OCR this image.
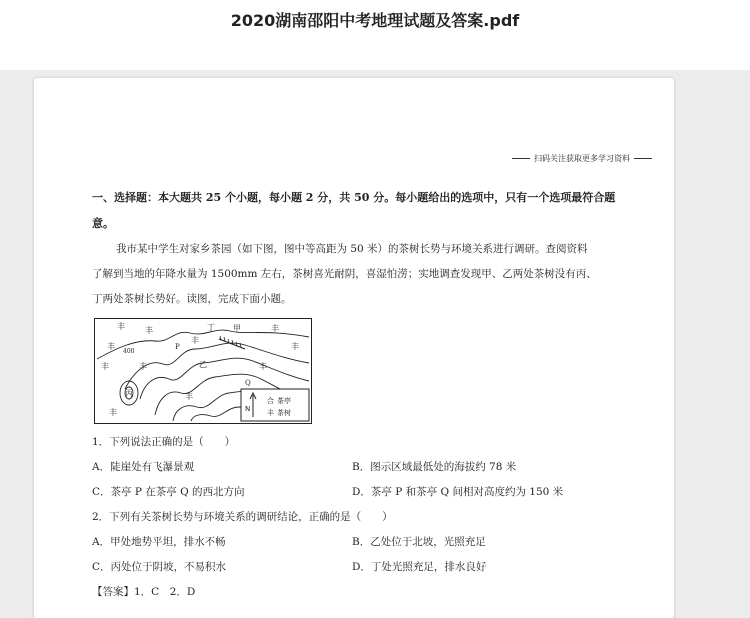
2020湖南邵阳中考地理试题及答案.pdf
扫码关注获取更多学习资料
一、选择题：本大题共 25 个小题，每小题 2 分，共 50 分。每小题给出的选项中，只有一个选项最符合题
意。
我市某中学生对家乡茶园（如下图，图中等高距为 50 米）的茶树长势与环境关系进行调研。查阅资料
了解到当地的年降水量为 1500mm 左右，茶树喜光耐阴，喜湿怕涝；实地调查发现甲、乙两处茶树没有丙、
丁两处茶树长势好。读图，完成下面小题。
丰	丰	丰
丰
丰
丰
丰
丰
丰
丰
丰
丁 甲
乙
丙
P
Q
400
N
合 茶亭
丰 茶树
1．下列说法正确的是（　　）
A．陡崖处有飞瀑景观	B．图示区域最低处的海拔约 78 米
C．茶亭 P 在茶亭 Q 的西北方向	D．茶亭 P 和茶亭 Q 间相对高度约为 150 米
2．下列有关茶树长势与环境关系的调研结论，正确的是（　　）
A．甲处地势平坦，排水不畅	B．乙处位于北坡，光照充足
C．丙处位于阴坡，不易积水	D．丁处光照充足，排水良好
【答案】1．C　2．D
